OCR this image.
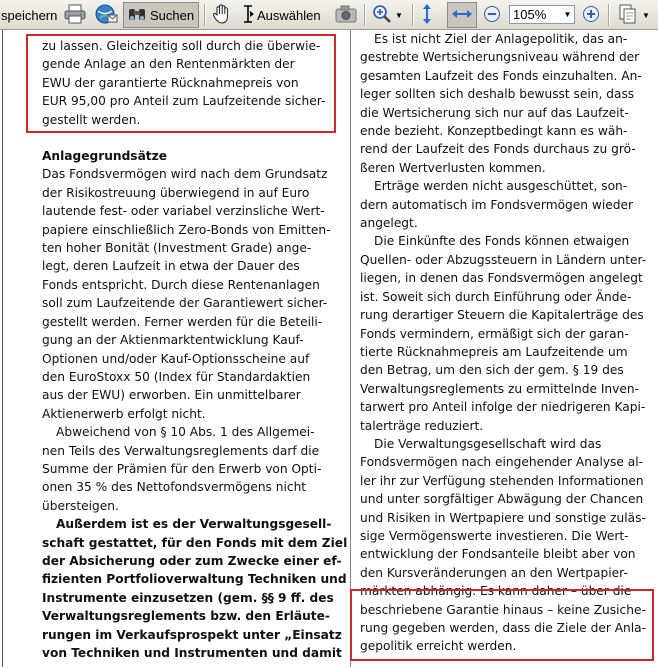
speichern	Suchen	Auswählen	▼	105%	▼	▼

zu lassen. Gleichzeitig soll durch die überwie-

gende Anlage an den Rentenmärkten der

EWU der garantierte Rücknahmepreis von

EUR 95,00 pro Anteil zum Laufzeitende sicher-

gestellt werden.

Anlagegrundsätze

Das Fondsvermögen wird nach dem Grundsatz

der Risikostreuung überwiegend in auf Euro

lautende fest- oder variabel verzinsliche Wert-

papiere einschließlich Zero-Bonds von Emitten-

ten hoher Bonität (Investment Grade) ange-

legt, deren Laufzeit in etwa der Dauer des

Fonds entspricht. Durch diese Rentenanlagen

soll zum Laufzeitende der Garantiewert sicher-

gestellt werden. Ferner werden für die Beteili-

gung an der Aktienmarktentwicklung Kauf-

Optionen und/oder Kauf-Optionsscheine auf

den EuroStoxx 50 (Index für Standardaktien

aus der EWU) erworben. Ein unmittelbarer

Aktienerwerb erfolgt nicht.

Abweichend von § 10 Abs. 1 des Allgemei-

nen Teils des Verwaltungsreglements darf die

Summe der Prämien für den Erwerb von Opti-

onen 35 % des Nettofondsvermögens nicht

übersteigen.

Außerdem ist es der Verwaltungsgesell-

schaft gestattet, für den Fonds mit dem Ziel

der Absicherung oder zum Zwecke einer ef-

fizienten Portfolioverwaltung Techniken und

Instrumente einzusetzen (gem. §§ 9 ff. des

Verwaltungsreglements bzw. den Erläute-

rungen im Verkaufsprospekt unter „Einsatz

von Techniken und Instrumenten und damit

Es ist nicht Ziel der Anlagepolitik, das an-

gestrebte Wertsicherungsniveau während der

gesamten Laufzeit des Fonds einzuhalten. An-

leger sollten sich deshalb bewusst sein, dass

die Wertsicherung sich nur auf das Laufzeit-

ende bezieht. Konzeptbedingt kann es wäh-

rend der Laufzeit des Fonds durchaus zu grö-

ßeren Wertverlusten kommen.

Erträge werden nicht ausgeschüttet, son-

dern automatisch im Fondsvermögen wieder

angelegt.

Die Einkünfte des Fonds können etwaigen

Quellen- oder Abzugssteuern in Ländern unter-

liegen, in denen das Fondsvermögen angelegt

ist. Soweit sich durch Einführung oder Ände-

rung derartiger Steuern die Kapitalerträge des

Fonds vermindern, ermäßigt sich der garan-

tierte Rücknahmepreis am Laufzeitende um

den Betrag, um den sich der gem. § 19 des

Verwaltungsreglements zu ermittelnde Inven-

tarwert pro Anteil infolge der niedrigeren Kapi-

talerträge reduziert.

Die Verwaltungsgesellschaft wird das

Fondsvermögen nach eingehender Analyse al-

ler ihr zur Verfügung stehenden Informationen

und unter sorgfältiger Abwägung der Chancen

und Risiken in Wertpapiere und sonstige zuläs-

sige Vermögenswerte investieren. Die Wert-

entwicklung der Fondsanteile bleibt aber von

den Kursveränderungen an den Wertpapier-

märkten abhängig. Es kann daher – über die

beschriebene Garantie hinaus – keine Zusiche-

rung gegeben werden, dass die Ziele der Anla-

gepolitik erreicht werden.
